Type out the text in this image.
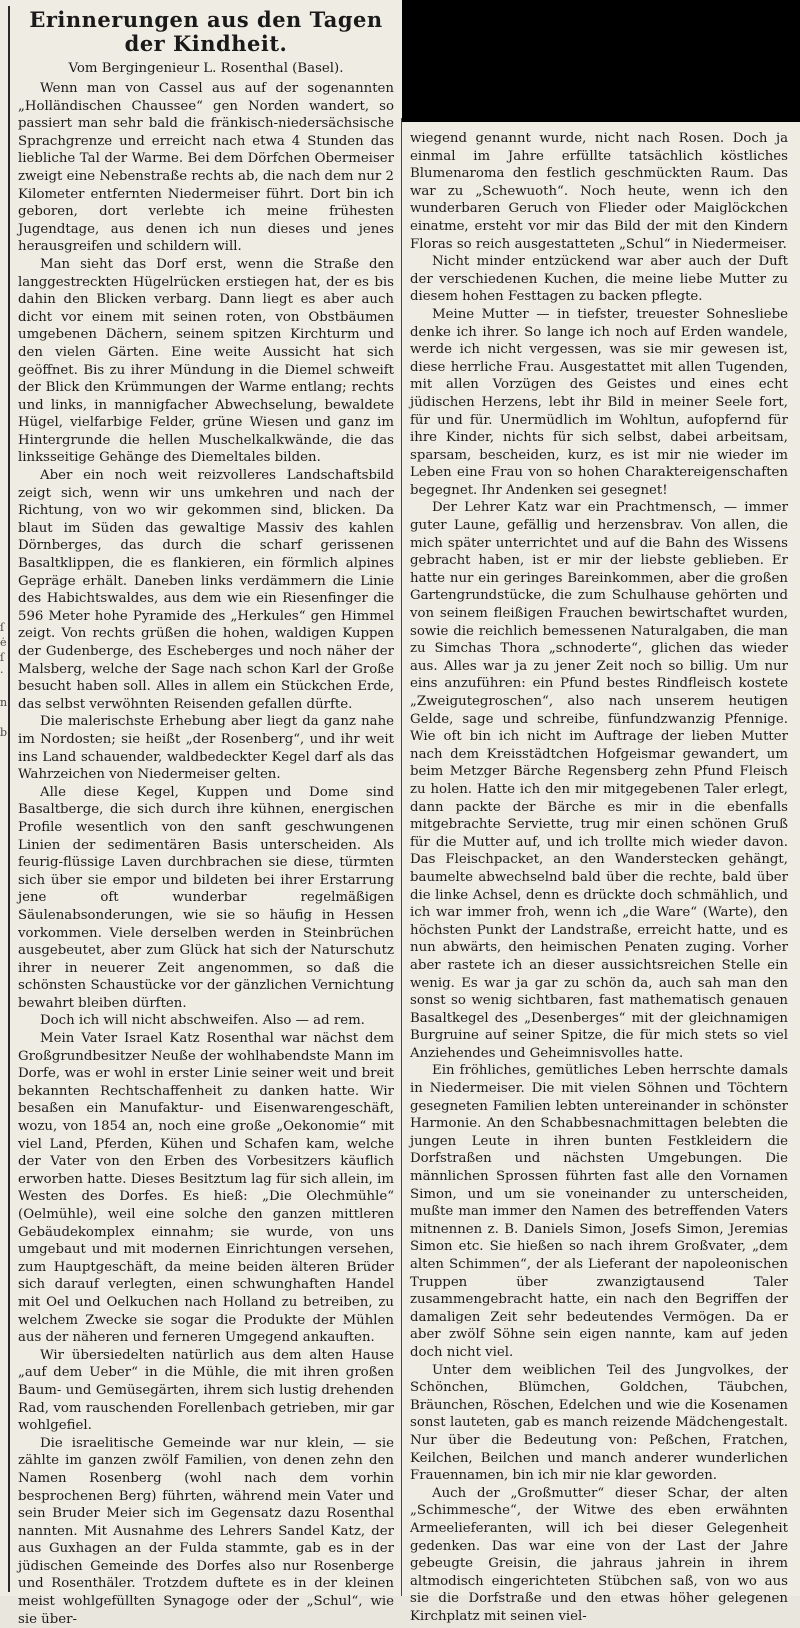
ſ
ė
ſ
·

n

b
Erinnerungen aus den Tagen
der Kindheit.
Vom Bergingenieur L. Rosenthal (Basel).

Wenn man von Cassel aus auf der sogenannten „Holländischen Chaussee“ gen Norden wandert, so passiert man sehr bald die fränkisch-niedersächsische Sprachgrenze und erreicht nach etwa 4 Stunden das liebliche Tal der Warme. Bei dem Dörfchen Obermeiser zweigt eine Nebenstraße rechts ab, die nach dem nur 2 Kilometer entfernten Niedermeiser führt. Dort bin ich geboren, dort verlebte ich meine frühesten Jugendtage, aus denen ich nun dieses und jenes herausgreifen und schildern will.

Man sieht das Dorf erst, wenn die Straße den langgestreckten Hügelrücken erstiegen hat, der es bis dahin den Blicken verbarg. Dann liegt es aber auch dicht vor einem mit seinen roten, von Obstbäumen umgebenen Dächern, seinem spitzen Kirchturm und den vielen Gärten. Eine weite Aussicht hat sich geöffnet. Bis zu ihrer Mündung in die Diemel schweift der Blick den Krümmungen der Warme entlang; rechts und links, in mannigfacher Abwechselung, bewaldete Hügel, vielfarbige Felder, grüne Wiesen und ganz im Hintergrunde die hellen Muschelkalkwände, die das linksseitige Gehänge des Diemeltales bilden.

Aber ein noch weit reizvolleres Landschaftsbild zeigt sich, wenn wir uns umkehren und nach der Richtung, von wo wir gekommen sind, blicken. Da blaut im Süden das gewaltige Massiv des kahlen Dörnberges, das durch die scharf gerissenen Basaltklippen, die es flankieren, ein förmlich alpines Gepräge erhält. Daneben links verdämmern die Linie des Habichtswaldes, aus dem wie ein Riesenfinger die 596 Meter hohe Pyramide des „Herkules“ gen Himmel zeigt. Von rechts grüßen die hohen, waldigen Kuppen der Gudenberge, des Escheberges und noch näher der Malsberg, welche der Sage nach schon Karl der Große besucht haben soll. Alles in allem ein Stückchen Erde, das selbst verwöhnten Reisenden gefallen dürfte.

Die malerischste Erhebung aber liegt da ganz nahe im Nordosten; sie heißt „der Rosenberg“, und ihr weit ins Land schauender, waldbedeckter Kegel darf als das Wahrzeichen von Niedermeiser gelten.

Alle diese Kegel, Kuppen und Dome sind Basaltberge, die sich durch ihre kühnen, energischen Profile wesentlich von den sanft geschwungenen Linien der sedimentären Basis unterscheiden. Als feurig-flüssige Laven durchbrachen sie diese, türmten sich über sie empor und bildeten bei ihrer Erstarrung jene oft wunderbar regelmäßigen Säulenabsonderungen, wie sie so häufig in Hessen vorkommen. Viele derselben werden in Steinbrüchen ausgebeutet, aber zum Glück hat sich der Naturschutz ihrer in neuerer Zeit angenommen, so daß die schönsten Schaustücke vor der gänzlichen Vernichtung bewahrt bleiben dürften.

Doch ich will nicht abschweifen. Also — ad rem.

Mein Vater Israel Katz Rosenthal war nächst dem Großgrundbesitzer Neuße der wohlhabendste Mann im Dorfe, was er wohl in erster Linie seiner weit und breit bekannten Rechtschaffenheit zu danken hatte. Wir besaßen ein Manufaktur- und Eisenwarengeschäft, wozu, von 1854 an, noch eine große „Oekonomie“ mit viel Land, Pferden, Kühen und Schafen kam, welche der Vater von den Erben des Vorbesitzers käuflich erworben hatte. Dieses Besitztum lag für sich allein, im Westen des Dorfes. Es hieß: „Die Olechmühle“ (Oelmühle), weil eine solche den ganzen mittleren Gebäudekomplex einnahm; sie wurde, von uns umgebaut und mit modernen Einrichtungen versehen, zum Hauptgeschäft, da meine beiden älteren Brüder sich darauf verlegten, einen schwunghaften Handel mit Oel und Oelkuchen nach Holland zu betreiben, zu welchem Zwecke sie sogar die Produkte der Mühlen aus der näheren und ferneren Umgegend ankauften.

Wir übersiedelten natürlich aus dem alten Hause „auf dem Ueber“ in die Mühle, die mit ihren großen Baum- und Gemüsegärten, ihrem sich lustig drehenden Rad, vom rauschenden Forellenbach getrieben, mir gar wohlgefiel.

Die israelitische Gemeinde war nur klein, — sie zählte im ganzen zwölf Familien, von denen zehn den Namen Rosenberg (wohl nach dem vorhin besprochenen Berg) führten, während mein Vater und sein Bruder Meier sich im Gegensatz dazu Rosenthal nannten. Mit Ausnahme des Lehrers Sandel Katz, der aus Guxhagen an der Fulda stammte, gab es in der jüdischen Gemeinde des Dorfes also nur Rosenberge und Rosenthäler. Trotzdem duftete es in der kleinen meist wohlgefüllten Synagoge oder der „Schul“, wie sie über-

wiegend genannt wurde, nicht nach Rosen. Doch ja einmal im Jahre erfüllte tatsächlich köstliches Blumenaroma den festlich geschmückten Raum. Das war zu „Schewuoth“. Noch heute, wenn ich den wunderbaren Geruch von Flieder oder Maiglöckchen einatme, ersteht vor mir das Bild der mit den Kindern Floras so reich ausgestatteten „Schul“ in Niedermeiser.

Nicht minder entzückend war aber auch der Duft der verschiedenen Kuchen, die meine liebe Mutter zu diesem hohen Festtagen zu backen pflegte.

Meine Mutter — in tiefster, treuester Sohnesliebe denke ich ihrer. So lange ich noch auf Erden wandele, werde ich nicht vergessen, was sie mir gewesen ist, diese herrliche Frau. Ausgestattet mit allen Tugenden, mit allen Vorzügen des Geistes und eines echt jüdischen Herzens, lebt ihr Bild in meiner Seele fort, für und für. Unermüdlich im Wohltun, aufopfernd für ihre Kinder, nichts für sich selbst, dabei arbeitsam, sparsam, bescheiden, kurz, es ist mir nie wieder im Leben eine Frau von so hohen Charaktereigenschaften begegnet. Ihr Andenken sei gesegnet!

Der Lehrer Katz war ein Prachtmensch, — immer guter Laune, gefällig und herzensbrav. Von allen, die mich später unterrichtet und auf die Bahn des Wissens gebracht haben, ist er mir der liebste geblieben. Er hatte nur ein geringes Bareinkommen, aber die großen Gartengrundstücke, die zum Schulhause gehörten und von seinem fleißigen Frauchen bewirtschaftet wurden, sowie die reichlich bemessenen Naturalgaben, die man zu Simchas Thora „schnoderte“, glichen das wieder aus. Alles war ja zu jener Zeit noch so billig. Um nur eins anzuführen: ein Pfund bestes Rindfleisch kostete „Zweigutegroschen“, also nach unserem heutigen Gelde, sage und schreibe, fünfundzwanzig Pfennige. Wie oft bin ich nicht im Auftrage der lieben Mutter nach dem Kreisstädtchen Hofgeismar gewandert, um beim Metzger Bärche Regensberg zehn Pfund Fleisch zu holen. Hatte ich den mir mitgegebenen Taler erlegt, dann packte der Bärche es mir in die ebenfalls mitgebrachte Serviette, trug mir einen schönen Gruß für die Mutter auf, und ich trollte mich wieder davon. Das Fleischpacket, an den Wanderstecken gehängt, baumelte abwechselnd bald über die rechte, bald über die linke Achsel, denn es drückte doch schmählich, und ich war immer froh, wenn ich „die Ware“ (Warte), den höchsten Punkt der Landstraße, erreicht hatte, und es nun abwärts, den heimischen Penaten zuging. Vorher aber rastete ich an dieser aussichtsreichen Stelle ein wenig. Es war ja gar zu schön da, auch sah man den sonst so wenig sichtbaren, fast mathematisch genauen Basaltkegel des „Desenberges“ mit der gleichnamigen Burgruine auf seiner Spitze, die für mich stets so viel Anziehendes und Geheimnisvolles hatte.

Ein fröhliches, gemütliches Leben herrschte damals in Niedermeiser. Die mit vielen Söhnen und Töchtern gesegneten Familien lebten untereinander in schönster Harmonie. An den Schabbesnachmittagen belebten die jungen Leute in ihren bunten Festkleidern die Dorfstraßen und nächsten Umgebungen. Die männlichen Sprossen führten fast alle den Vornamen Simon, und um sie voneinander zu unterscheiden, mußte man immer den Namen des betreffenden Vaters mitnennen z. B. Daniels Simon, Josefs Simon, Jeremias Simon etc. Sie hießen so nach ihrem Großvater, „dem alten Schimmen“, der als Lieferant der napoleonischen Truppen über zwanzigtausend Taler zusammengebracht hatte, ein nach den Begriffen der damaligen Zeit sehr bedeutendes Vermögen. Da er aber zwölf Söhne sein eigen nannte, kam auf jeden doch nicht viel.

Unter dem weiblichen Teil des Jungvolkes, der Schönchen, Blümchen, Goldchen, Täubchen, Bräunchen, Röschen, Edelchen und wie die Kosenamen sonst lauteten, gab es manch reizende Mädchengestalt. Nur über die Bedeutung von: Peßchen, Fratchen, Keilchen, Beilchen und manch anderer wunderlichen Frauennamen, bin ich mir nie klar geworden.

Auch der „Großmutter“ dieser Schar, der alten „Schimmesche“, der Witwe des eben erwähnten Armeelieferanten, will ich bei dieser Gelegenheit gedenken. Das war eine von der Last der Jahre gebeugte Greisin, die jahraus jahrein in ihrem altmodisch eingerichteten Stübchen saß, von wo aus sie die Dorfstraße und den etwas höher gelegenen Kirchplatz mit seinen viel-
